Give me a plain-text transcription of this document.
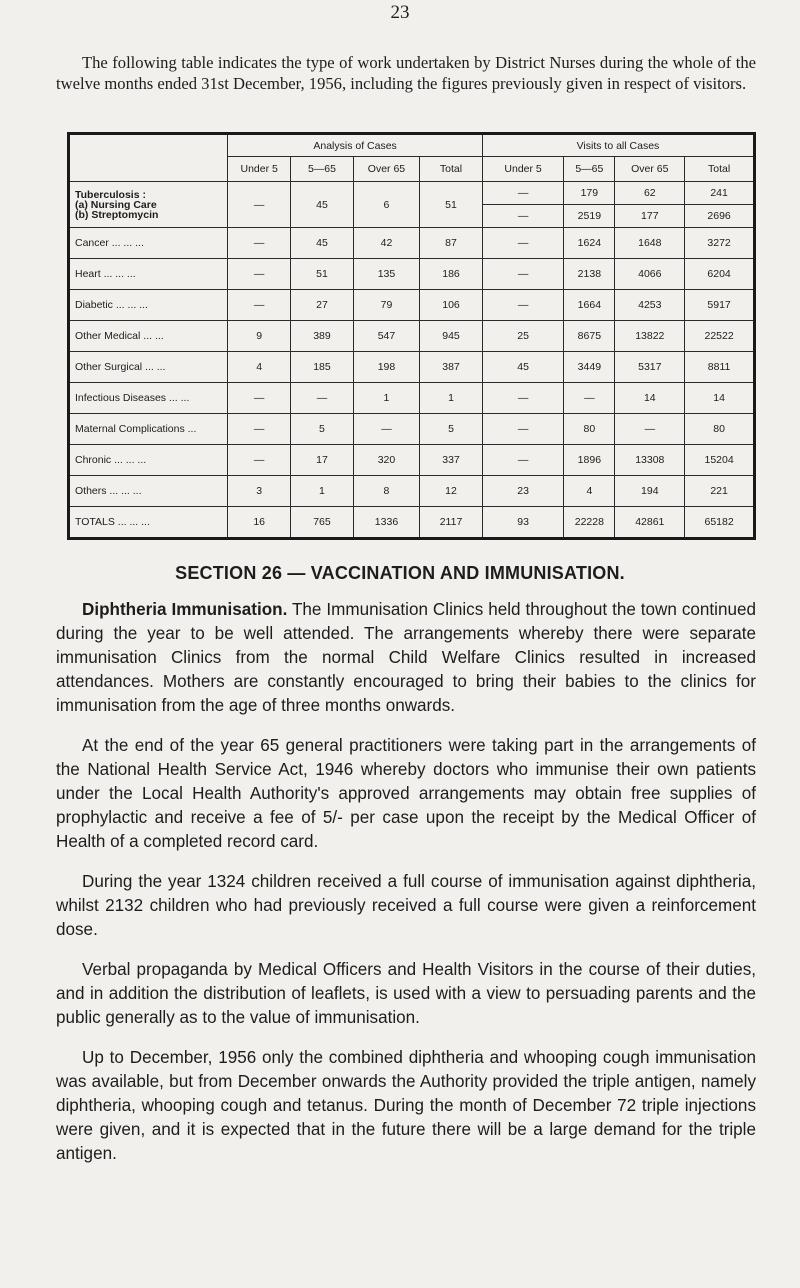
23

The following table indicates the type of work undertaken by District Nurses during the whole of the twelve months ended 31st December, 1956, including the figures previously given in respect of visitors.

	Analysis of Cases				Visits to all Cases			
	Under 5	5—65	Over 65	Total	Under 5	5—65	Over 65	Total
Tuberculosis :
(a) Nursing Care
(b) Streptomycin	—	45	6	51	—	179	62	241
					—	2519	177	2696
Cancer ... ... ...	—	45	42	87	—	1624	1648	3272
Heart ... ... ...	—	51	135	186	—	2138	4066	6204
Diabetic ... ... ...	—	27	79	106	—	1664	4253	5917
Other Medical ... ...	9	389	547	945	25	8675	13822	22522
Other Surgical ... ...	4	185	198	387	45	3449	5317	8811
Infectious Diseases ... ...	—	—	1	1	—	—	14	14
Maternal Complications ...	—	5	—	5	—	80	—	80
Chronic ... ... ...	—	17	320	337	—	1896	13308	15204
Others ... ... ...	3	1	8	12	23	4	194	221
TOTALS ... ... ...	16	765	1336	2117	93	22228	42861	65182
SECTION 26 — VACCINATION AND IMMUNISATION.

Diphtheria Immunisation. The Immunisation Clinics held throughout the town continued during the year to be well attended. The arrangements whereby there were separate immunisation Clinics from the normal Child Welfare Clinics resulted in increased attendances. Mothers are constantly encouraged to bring their babies to the clinics for immunisation from the age of three months onwards.

At the end of the year 65 general practitioners were taking part in the arrangements of the National Health Service Act, 1946 whereby doctors who immunise their own patients under the Local Health Authority's approved arrangements may obtain free supplies of prophylactic and receive a fee of 5/- per case upon the receipt by the Medical Officer of Health of a completed record card.

During the year 1324 children received a full course of immunisation against diphtheria, whilst 2132 children who had previously received a full course were given a reinforcement dose.

Verbal propaganda by Medical Officers and Health Visitors in the course of their duties, and in addition the distribution of leaflets, is used with a view to persuading parents and the public generally as to the value of immunisation.

Up to December, 1956 only the combined diphtheria and whooping cough immunisation was available, but from December onwards the Authority provided the triple antigen, namely diphtheria, whooping cough and tetanus. During the month of December 72 triple injections were given, and it is expected that in the future there will be a large demand for the triple antigen.
